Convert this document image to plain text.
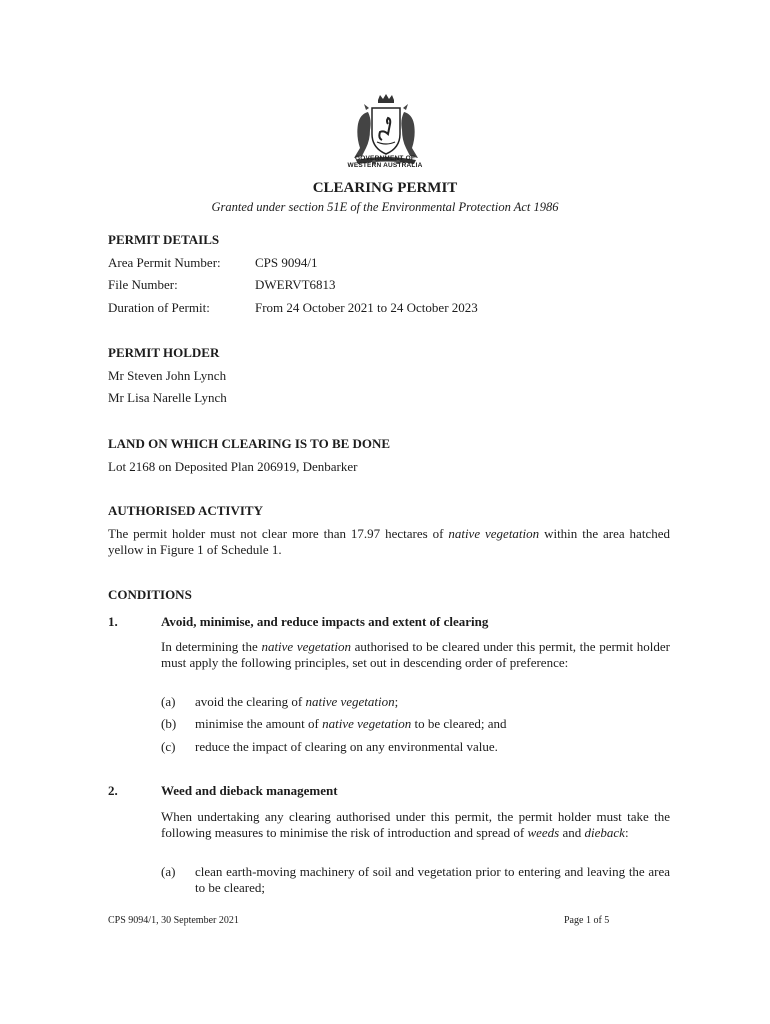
GOVERNMENT OF
WESTERN AUSTRALIA
CLEARING PERMIT
Granted under section 51E of the Environmental Protection Act 1986
PERMIT DETAILS
Area Permit Number:	CPS 9094/1
File Number:	DWERVT6813
Duration of Permit:	From 24 October 2021 to 24 October 2023
PERMIT HOLDER
Mr Steven John Lynch
Mr Lisa Narelle Lynch
LAND ON WHICH CLEARING IS TO BE DONE
Lot 2168 on Deposited Plan 206919, Denbarker
AUTHORISED ACTIVITY
The permit holder must not clear more than 17.97 hectares of native vegetation within the area hatched yellow in Figure 1 of Schedule 1.
CONDITIONS
1.	Avoid, minimise, and reduce impacts and extent of clearing
In determining the native vegetation authorised to be cleared under this permit, the permit holder must apply the following principles, set out in descending order of preference:
(a) avoid the clearing of native vegetation;
(b) minimise the amount of native vegetation to be cleared; and
(c) reduce the impact of clearing on any environmental value.
2.	Weed and dieback management
When undertaking any clearing authorised under this permit, the permit holder must take the following measures to minimise the risk of introduction and spread of weeds and dieback:
(a) clean earth-moving machinery of soil and vegetation prior to entering and leaving the area to be cleared;
CPS 9094/1, 30 September 2021	Page 1 of 5
